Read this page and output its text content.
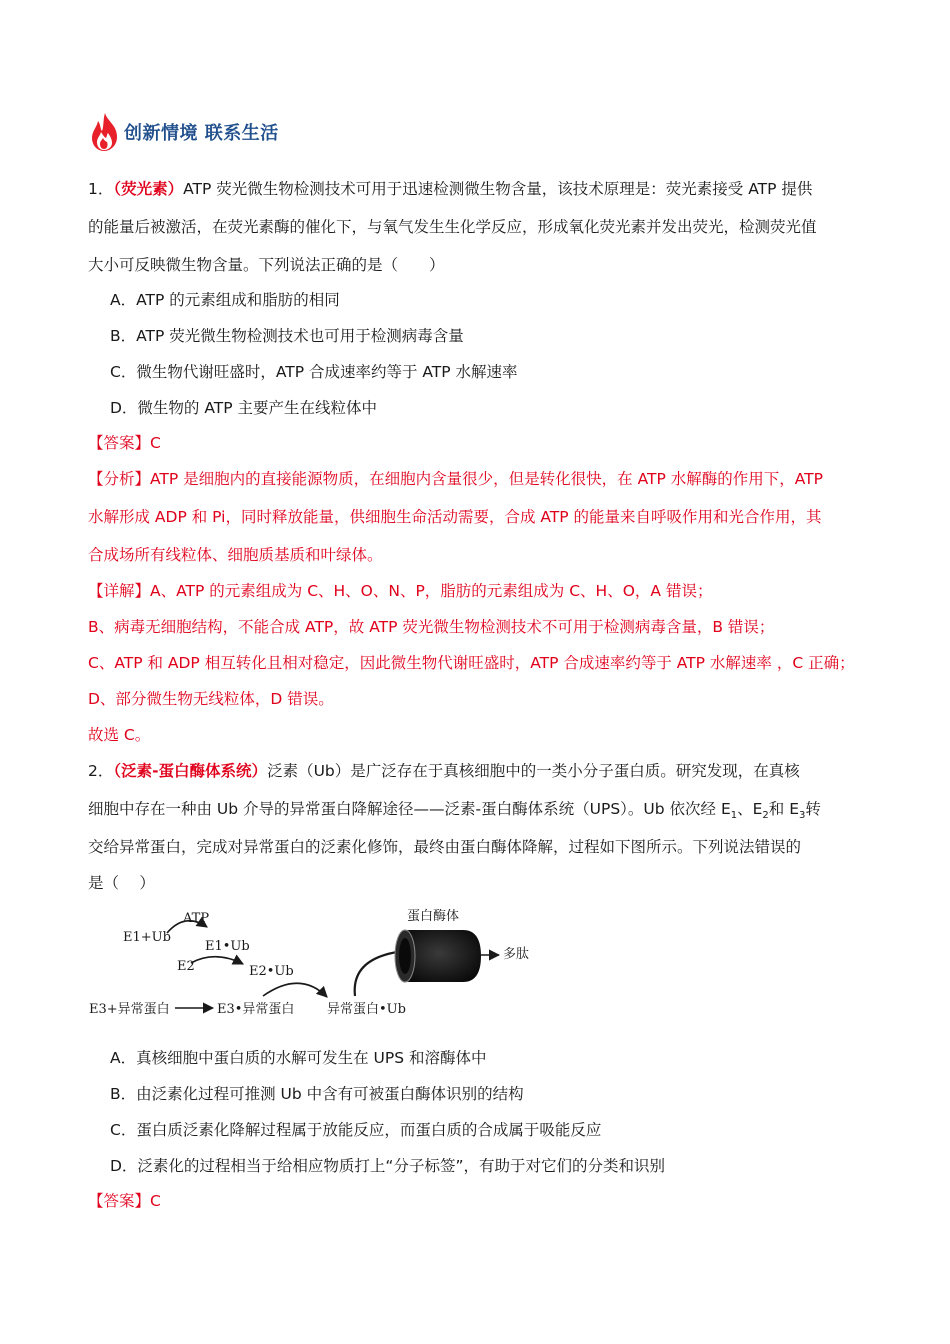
创新情境 联系生活
1．（荧光素）ATP 荧光微生物检测技术可用于迅速检测微生物含量，该技术原理是：荧光素接受 ATP 提供
的能量后被激活，在荧光素酶的催化下，与氧气发生生化学反应，形成氧化荧光素并发出荧光，检测荧光值
大小可反映微生物含量。下列说法正确的是（　　）
A．ATP 的元素组成和脂肪的相同
B．ATP 荧光微生物检测技术也可用于检测病毒含量
C．微生物代谢旺盛时，ATP 合成速率约等于 ATP 水解速率
D．微生物的 ATP 主要产生在线粒体中
【答案】C
【分析】ATP 是细胞内的直接能源物质，在细胞内含量很少，但是转化很快，在 ATP 水解酶的作用下，ATP
水解形成 ADP 和 Pi，同时释放能量，供细胞生命活动需要，合成 ATP 的能量来自呼吸作用和光合作用，其
合成场所有线粒体、细胞质基质和叶绿体。
【详解】A、ATP 的元素组成为 C、H、O、N、P，脂肪的元素组成为 C、H、O，A 错误；
B、病毒无细胞结构，不能合成 ATP，故 ATP 荧光微生物检测技术不可用于检测病毒含量，B 错误；
C、ATP 和 ADP 相互转化且相对稳定，因此微生物代谢旺盛时，ATP 合成速率约等于 ATP 水解速率 ，C 正确；
D、部分微生物无线粒体，D 错误。
故选 C。
2．（泛素-蛋白酶体系统）泛素（Ub）是广泛存在于真核细胞中的一类小分子蛋白质。研究发现，在真核
细胞中存在一种由 Ub 介导的异常蛋白降解途径——泛素-蛋白酶体系统（UPS）。Ub 依次经 $E_1$、$E_2$和 $E_3$转
交给异常蛋白，完成对异常蛋白的泛素化修饰，最终由蛋白酶体降解，过程如下图所示。下列说法错误的
是（　 ）
ATP
E1+Ub
E1•Ub
E2	E2•Ub
E3+异常蛋白	E3•异常蛋白	异常蛋白•Ub
蛋白酶体
多肽
A．真核细胞中蛋白质的水解可发生在 UPS 和溶酶体中
B．由泛素化过程可推测 Ub 中含有可被蛋白酶体识别的结构
C．蛋白质泛素化降解过程属于放能反应，而蛋白质的合成属于吸能反应
D．泛素化的过程相当于给相应物质打上“分子标签”，有助于对它们的分类和识别
【答案】C
